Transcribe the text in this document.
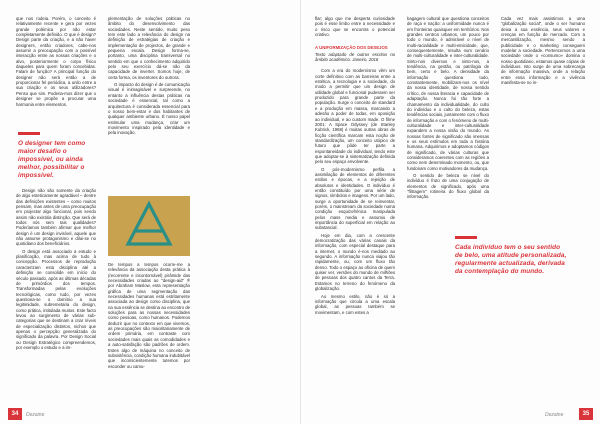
que nos rodeia. Porém, o conceito é relativamente recente e gera por vezes grande polémica por não estar completamente definido. O que é design? Design parte da criação, e a não haver designers, então criadores, cabe-nos assumir a preocupação com a possível interacção entre as nossas criações e o alvo, posteriormente o corpo físico daqueles para quem foram concebidas. Falam de função? A principal função do designer não será então a de proporcionar fel periódica, a unilo entre a sua criação e os seus utilizadores? Penso que sim. Poderia-mos dizer que o designer se propõe a procurar uma harmonia entre elementos.

O designer tem como maior desafio o impossível, ou ainda melhor, possibilitar o impossível.

Design não são somente da criação de algo esteticamente agradável – dentre das definições existentes – como muitos pensam, mas antes de uma preocupação em projectar algo funcional, pois sendo assim não existiria distinção. Que será de todos nós sem tais qualidades? Poderíamos também afirmar que melhor design é um design invisível, aquele que não assume protagonismo e dilui-se no quotidiano dos beneficiários.

O design está associado a estudo e planificação, mas acima de tudo à concepção. Processos de reprodução caracterizam esta disciplina até a definição se consolide em início do século passado, após as últimas décadas de primórdios dos tempos. Transformadas pelas evoluções tecnológicas, como tudo, por vezes questiona-se o domínio a sua legitimidade, subremetaria do design, como prática, intitulada muitos. Este facto levou ao surgimento de várias sub-categorias que se destinam a criar níveis de especialização distintos, nichos que apenas o percepção generalizada do significado da palavra. Por Design Social ou Design Estratégico compreendemos, por exemplo o estudo e a im-

plementação de soluções práticas no âmbito do desenvolvimento das sociedades. Neste sentido, muito peso tem este lado a relevância do design na definição de estratégias de criação e implementação de projectos, de grande e pequena escala. Design forma-se, portanto, uma disciplina transversal no sentido em que o conhecimento adquirido pelo seu exercício dá-se não da capacidade de inverter. Somos hoje, de certa forma, os inventores do outrora.

O impacto do design é de comunicação visual é inimaginável e surpreende, no entanto a influência destas práticas na sociedade é essencial, tal como a arquitectura é considerada essencial para o nosso bem-estar e dos habitantes de qualquer ambiente urbano. É nosso papel estimular uma mudança, criar um movimento inspirado pela identidade e pela inovação.

De tempos a tempos ocorre-me a relevância da associação desta prática à (recorrente e incontornável) pirâmide das necessidades criadas ao "design-aid" ® por Abraham Maslow, esta representação gráfica de uma segmentação das necessidades humanas está estritamente associada ao design como disciplina, que na sua essência se destina ao encontro de soluções para as nossas necessidades como pessoas, como humanos. Podemos deduzir que no contexto em que vivemos, as preocupações são maioritariamente de ordem primária, em contraste com sociedades mais quais as comodidades e a auto-satisfação são padrões de ordem. Estes algo de máquina no conceito de subsistência, condição humana indubitável que inconscientemente tutemos por esconder ou camu-
34	Dezaine

flar; algo que me desperta curiosidade pois é esse limbo entre a necessidade e o risco que se encontra o potencial criativo.

A UNIFORMIZAÇÃO DOS DESEJOS

Texto adaptado de outros escritos no âmbito académico. Janeiro, 2016

Com a era do modernismo vêm um corte definitivo com as barreiras entre a estética, a tecnologia e a sociedade, do modo a permitir que um design de utilidade global e funcional pudessem ser produzido para grande parte da população. Surge o conceito de standard e a produção em massa, marcando a adesão a poder de todas, em oposição ao individual, e ao custom made. O filme 2001: A Space Odyssey (de Stanley Kubrick, 1968) é muitas outras obras de ficção científica marcam esta noção de standardização, um conceito utópico de futuro que pôde ter parte a espontaneidade do individual, tendo este que adoptar-se à sistematização definida pelo seu espaço envolvente.

O pós-modernismo perfila a assimilação de elementos de diferentes estilos e épocas, e a rejeição de absolutos e identidades. O indivíduo é então constituído por uma série de signos, símbolos e imagens. Por um lado, surge a oportunidade de se reinventar, porém, o mainstream da sociedade numa condição esquizofrénica manipulada pelos mass media e assumiu de importância do superficial em relação ao substancial.

Hoje em dia, com a crescente democratização das várias canais da informação, com especial destaque para a internet, o mundo é-nos mediado ao segundo. A informação nunca viajou tão rapidamente, ou, com um fluxo tão denso. Todo o espaço ao oficina de quem quiser ver, versões do mundo de milhões de pessoas dos quatro cantos da Terra. Estamos no terreno do fenómeno da globalização.

Ao mesmo estilo, não é só a informação que circula a uma escala global, as pessoas também se movimentam, e com estes a

bagagem cultural que questiona conceitos de raça e nação: a uniformidade nunca é em fronteiras quaisquer em territórios. Nos grandes centros urbanos, um pouco por todo o mundo, é admirável o nível de multi-racialidade e multi-etnicidade, que, consequentemente, resulta num cenário de multi-culturalidade e inter-culturalidade. Sinto-nos diversos e sinto-nos, a tendência, na gestão, ou patrilogia de bem, certo e belo. A densidade da informação questiona tudo, constantemente, mobilizam-nos os nível da nossa identidade, de nossa sentido crítico, de nossa literacia e capacidade de adaptação. Nunca foi tão forte a chamamento da individualidade, do culto do indivíduo e o culto do beleza, estas tendências sociais, juntamente com o fluxo de informação e com o fenómeno de multi-culturalidade e inter-culturalidade expandem a nossa visão do mundo. As nossas fontes de significado são imensas e os seus estímulos em toda a história humana. Adquirimos e adoptamos códigos de significado, de várias culturas que consideramos coerentes com as regiões a como nem determinado momento, ou, que fundonam como motivadores da mudança.

O sentido de beleza se nível do indivíduo é fruto de uma conjugação de elementos de significado, após uma "filtragem" rotineira do fluxo global da informação.

Cada indivíduo tem o seu sentido de belo, uma atitude personalizada, regularmente actualizada, derivada da contemplação do mundo.

Cada vez mais assistimos a uma "globalização social", onde o ser humano deixa a sua essência, seus valores e crenças em função de mercado. Com a mercantilização, mesmo sendo a publicidade e o marketing conseguem modelar a sociedade. Pertencemos a uma sociedade onde o «consumo» domina o nosso quotidiano, estamos quase cópias de indivíduos. Isto surge de uma sobrecarga de informação massiva, onde a relação entre essa informação e a vivência manifesta-se no in-

Dezaine	35
